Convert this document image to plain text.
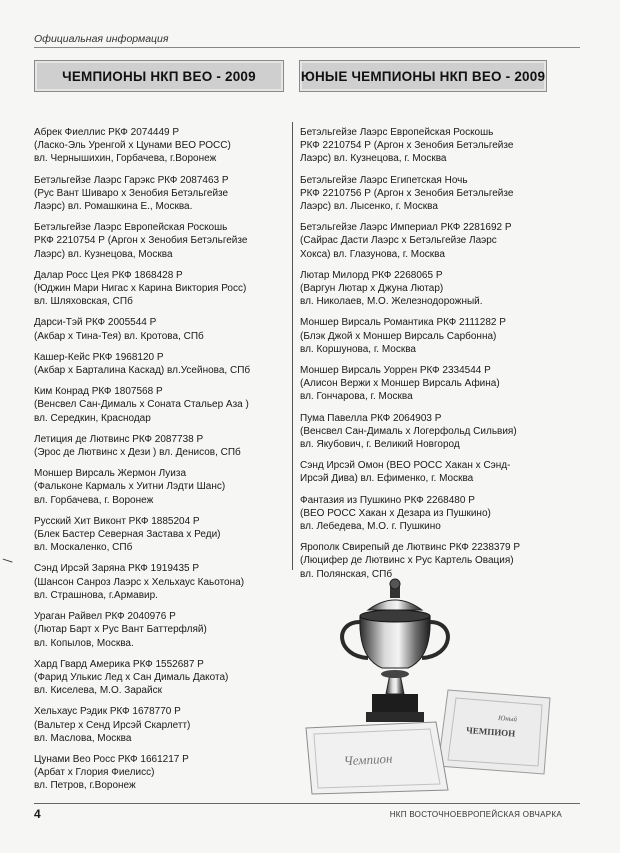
Официальная информация
ЧЕМПИОНЫ НКП ВЕО - 2009	ЮНЫЕ ЧЕМПИОНЫ НКП ВЕО - 2009
Абрек Фиеллис РКФ 2074449 Р
(Ласко-Эль Уренгой х Цунами ВЕО РОСС)
вл. Чернышихин, Горбачева, г.Воронеж
Бетэльгейзе Лаэрс Гарэкс РКФ 2087463 Р
(Рус Вант Шиваро х Зенобия Бетэльгейзе
Лаэрс) вл. Ромашкина Е., Москва.
Бетэльгейзе Лаэрс Европейская Роскошь
РКФ 2210754 Р (Аргон х Зенобия Бетэльгейзе
Лаэрс) вл. Кузнецова, Москва
Далар Росс Цея РКФ 1868428 Р
(Юджин Мари Нигас х Карина Виктория Росс)
вл. Шляховская, СПб
Дарси-Тэй РКФ 2005544 Р
(Акбар х Тина-Тея) вл. Кротова, СПб
Кашер-Кейс РКФ 1968120 Р
(Акбар х Барталина Каскад) вл.Усейнова, СПб
Ким Конрад РКФ 1807568 Р
(Венсвел Сан-Дималь х Соната Стальер Аза )
вл. Середкин, Краснодар
Летиция де Лютвинс РКФ 2087738 Р
(Эрос де Лютвинс х Дези ) вл. Денисов, СПб
Моншер Вирсаль Жермон Луиза
(Фальконе Кармаль х Уитни Лэдти Шанс)
вл. Горбачева, г. Воронеж
Русский Хит Виконт РКФ 1885204 Р
(Блек Бастер Северная Застава х Реди)
вл. Москаленко, СПб
Сэнд Ирсэй Заряна РКФ 1919435 Р
(Шансон Санроз Лаэрс х Хельхаус Каьотона)
вл. Страшнова, г.Армавир.
Ураган Райвел РКФ 2040976 Р
(Лютар Барт х Рус Вант Баттерфляй)
вл. Копылов, Москва.
Хард Гвард Америка РКФ 1552687 Р
(Фарид Улькис Лед х Сан Дималь Дакота)
вл. Киселева, М.О. Зарайск
Хельхаус Рэдик РКФ 1678770 Р
(Вальтер х Сенд Ирсэй Скарлетт)
вл. Маслова, Москва
Цунами Вео Росс РКФ 1661217 Р
(Арбат х Глория Фиелисс)
вл. Петров, г.Воронеж
Бетэльгейзе Лаэрс Европейская Роскошь
РКФ 2210754 Р (Аргон х Зенобия Бетэльгейзе
Лаэрс) вл. Кузнецова, г. Москва
Бетэльгейзе Лаэрс Египетская Ночь
РКФ 2210756 Р (Аргон х Зенобия Бетэльгейзе
Лаэрс) вл. Лысенко, г. Москва
Бетэльгейзе Лаэрс Империал РКФ 2281692 Р
(Сайрас Дасти Лаэрс х Бетэльгейзе Лаэрс
Хокса) вл. Глазунова, г. Москва
Лютар Милорд РКФ 2268065 Р
(Варгун Лютар х Джуна Лютар)
вл. Николаев, М.О. Железнодорожный.
Моншер Вирсаль Романтика РКФ 2111282 Р
(Блэк Джой х Моншер Вирсаль Сарбонна)
вл. Коршунова, г. Москва
Моншер Вирсаль Уоррен РКФ 2334544 Р
(Алисон Вержи х Моншер Вирсаль Афина)
вл. Гончарова, г. Москва
Пума Павелла РКФ 2064903 Р
(Венсвел Сан-Дималь х Логерфольд Сильвия)
вл. Якубович, г. Великий Новгород
Сэнд Ирсэй Омон (ВЕО РОСС Хакан х Сэнд-
Ирсэй Дива) вл. Ефименко, г. Москва
Фантазия из Пушкино РКФ 2268480 Р
(ВЕО РОСС Хакан х Дезара из Пушкино)
вл. Лебедева, М.О. г. Пушкино
Ярополк Свирепый де Лютвинс РКФ 2238379 Р
(Люцифер де Лютвинс х Рус Картель Овация)
вл. Полянская, СПб
Юный
ЧЕМПИОН
Чемпион
4	НКП ВОСТОЧНОЕВРОПЕЙСКАЯ ОВЧАРКА
